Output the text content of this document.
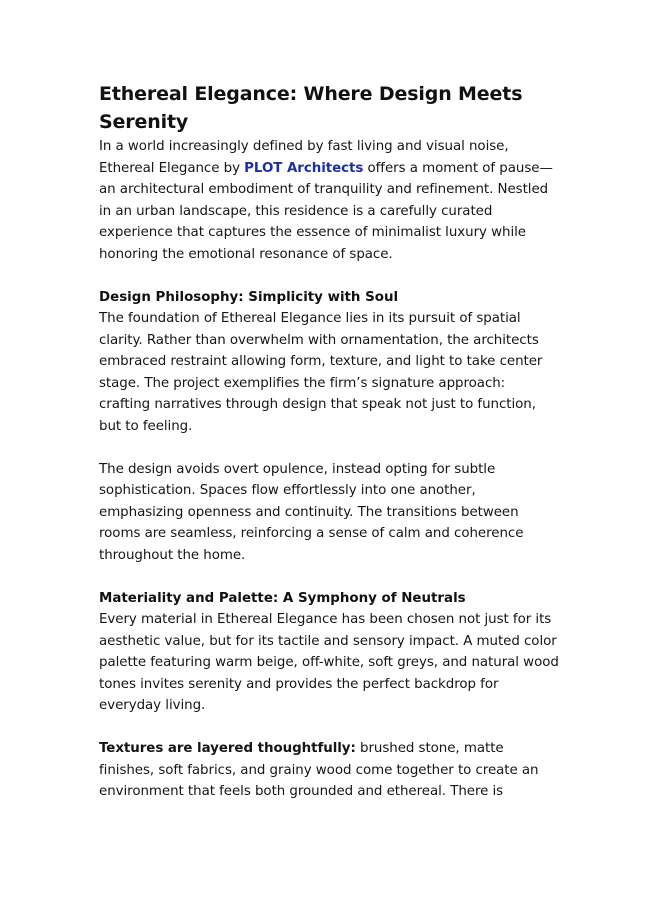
Ethereal Elegance: Where Design Meets Serenity

In a world increasingly defined by fast living and visual noise, Ethereal Elegance by PLOT Architects offers a moment of pause—an architectural embodiment of tranquility and refinement. Nestled in an urban landscape, this residence is a carefully curated experience that captures the essence of minimalist luxury while honoring the emotional resonance of space.

Design Philosophy: Simplicity with Soul

The foundation of Ethereal Elegance lies in its pursuit of spatial clarity. Rather than overwhelm with ornamentation, the architects embraced restraint allowing form, texture, and light to take center stage. The project exemplifies the firm’s signature approach: crafting narratives through design that speak not just to function, but to feeling.

The design avoids overt opulence, instead opting for subtle sophistication. Spaces flow effortlessly into one another, emphasizing openness and continuity. The transitions between rooms are seamless, reinforcing a sense of calm and coherence throughout the home.

Materiality and Palette: A Symphony of Neutrals

Every material in Ethereal Elegance has been chosen not just for its aesthetic value, but for its tactile and sensory impact. A muted color palette featuring warm beige, off-white, soft greys, and natural wood tones invites serenity and provides the perfect backdrop for everyday living.

Textures are layered thoughtfully: brushed stone, matte finishes, soft fabrics, and grainy wood come together to create an environment that feels both grounded and ethereal. There is
